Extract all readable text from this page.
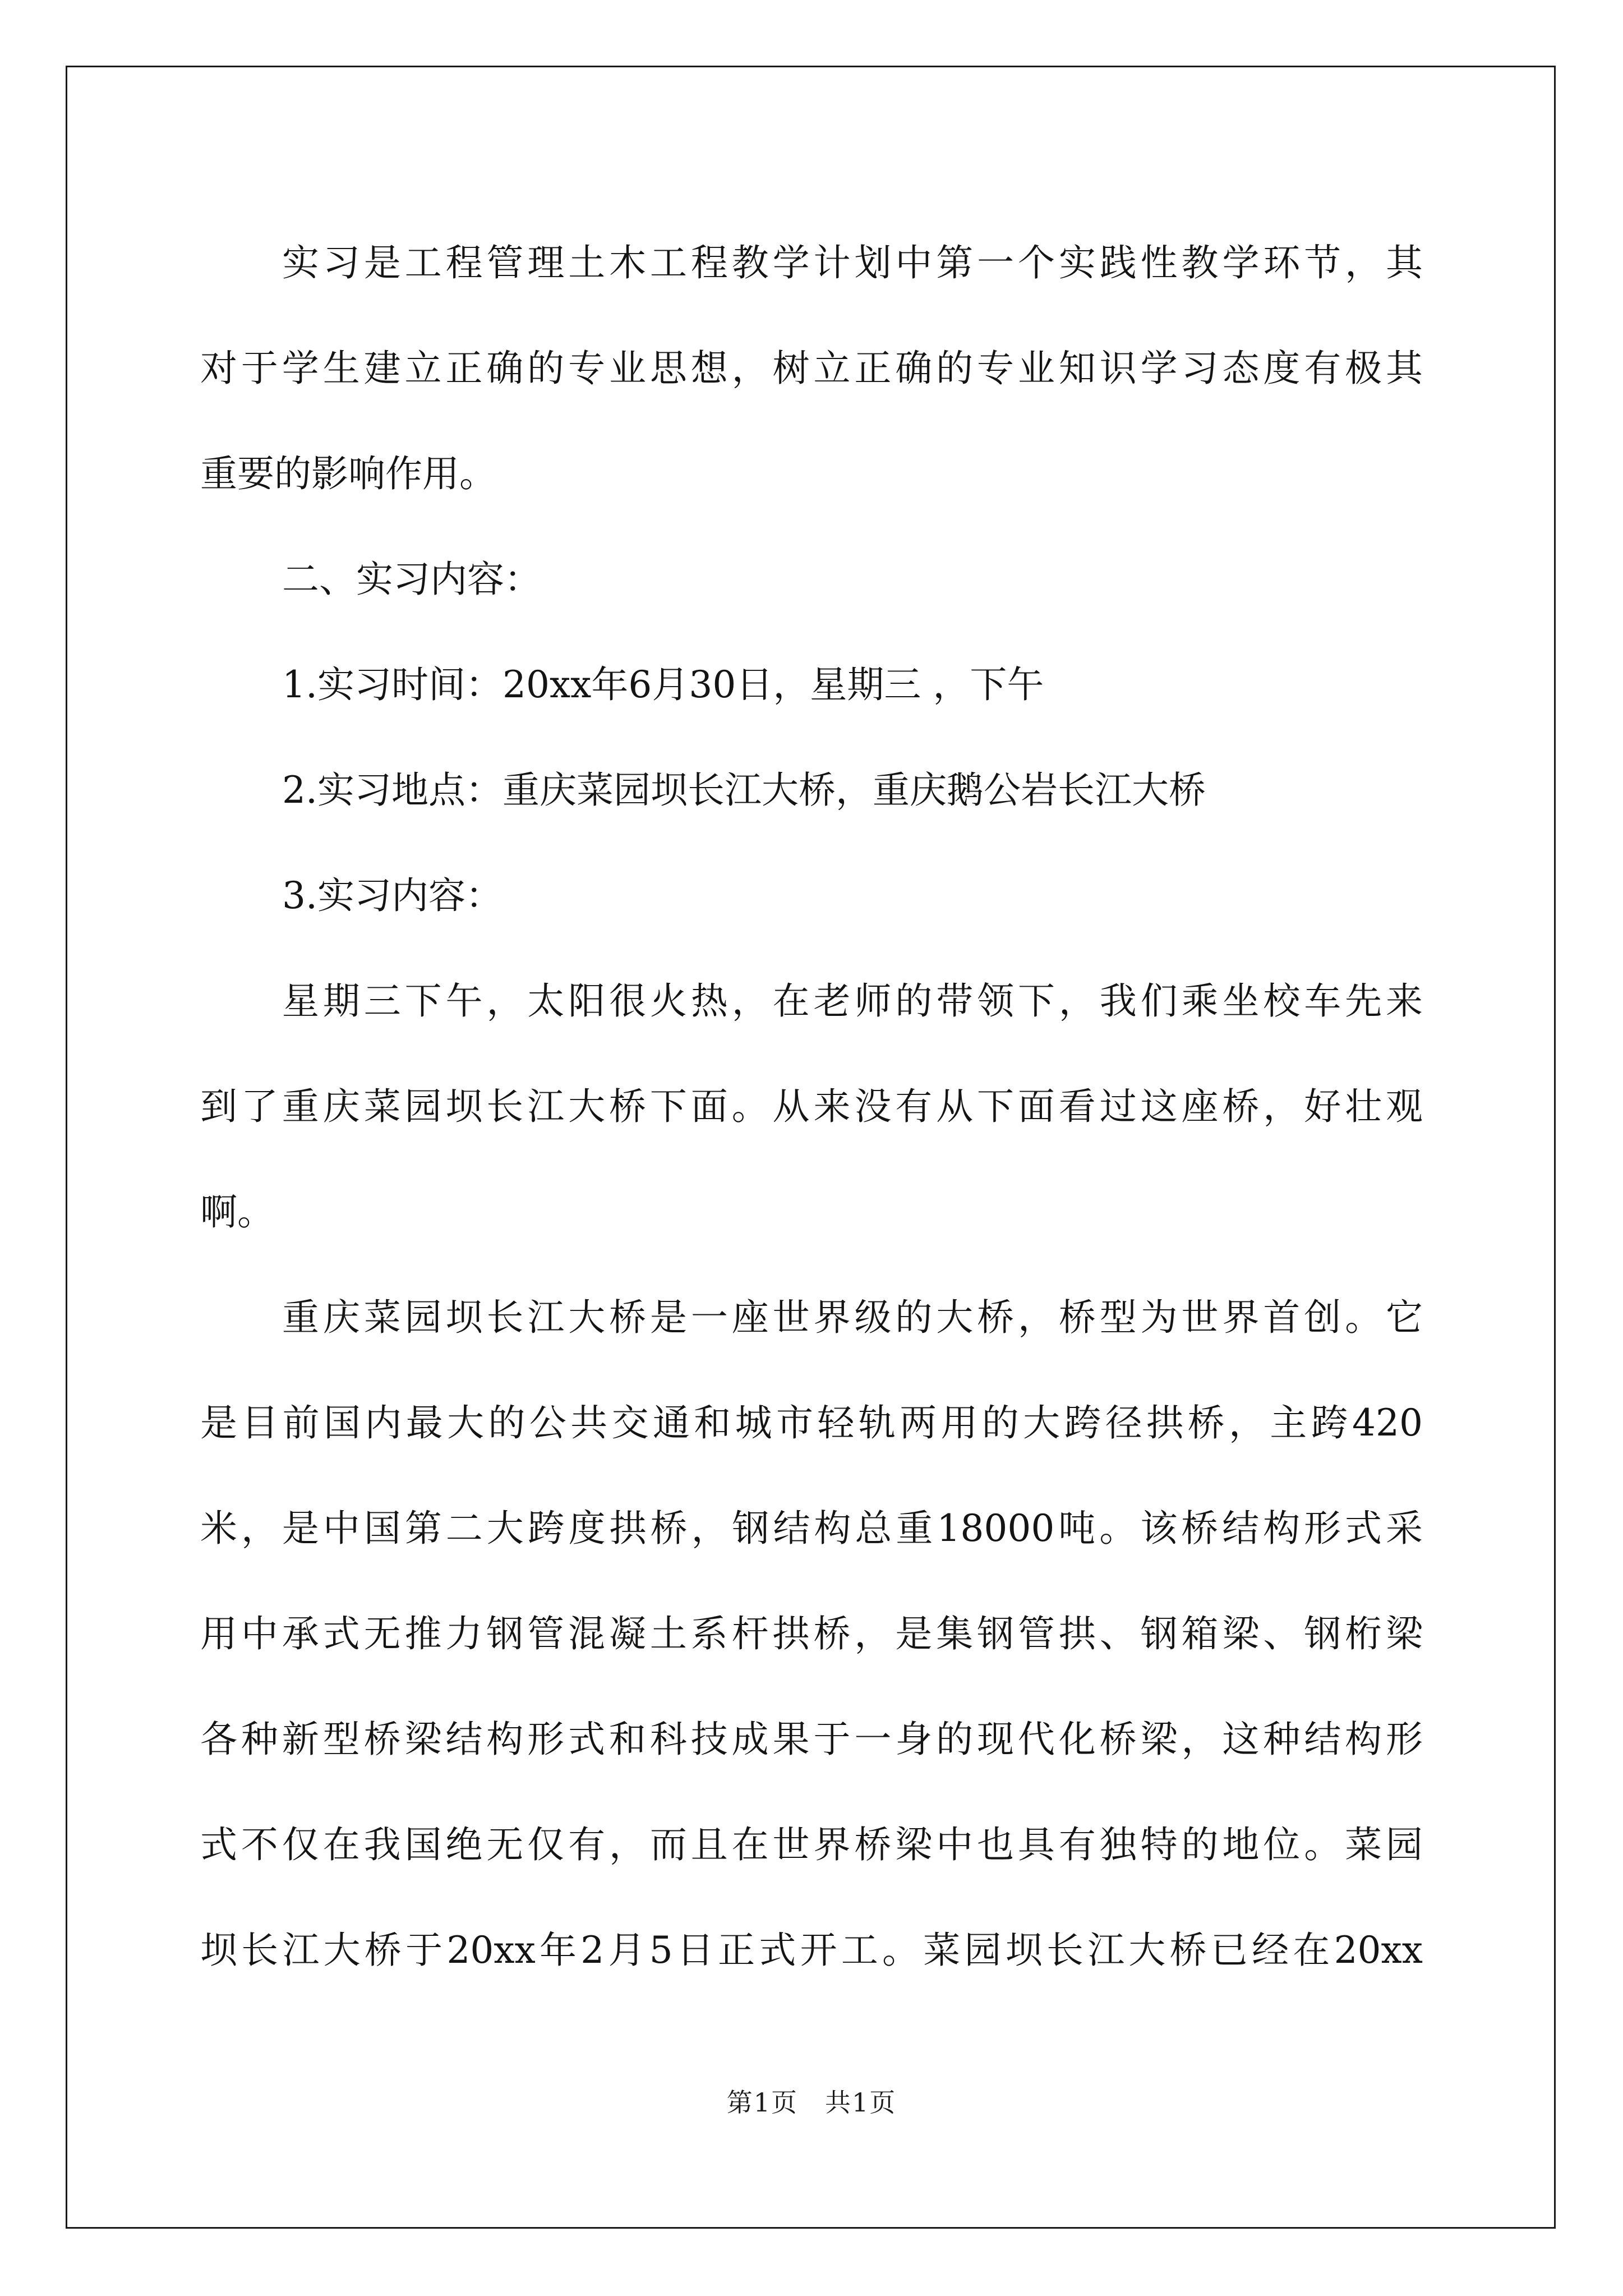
实习是工程管理土木工程教学计划中第一个实践性教学环节，其
对于学生建立正确的专业思想，树立正确的专业知识学习态度有极其
重要的影响作用。
二、实习内容：
1.实习时间：20xx年6月30日，星期三 ，下午
2.实习地点：重庆菜园坝长江大桥，重庆鹅公岩长江大桥
3.实习内容：
星期三下午，太阳很火热，在老师的带领下，我们乘坐校车先来
到了重庆菜园坝长江大桥下面。从来没有从下面看过这座桥，好壮观
啊。
重庆菜园坝长江大桥是一座世界级的大桥，桥型为世界首创。它
是目前国内最大的公共交通和城市轻轨两用的大跨径拱桥，主跨420
米，是中国第二大跨度拱桥，钢结构总重18000吨。该桥结构形式采
用中承式无推力钢管混凝土系杆拱桥，是集钢管拱、钢箱梁、钢桁梁
各种新型桥梁结构形式和科技成果于一身的现代化桥梁，这种结构形
式不仅在我国绝无仅有，而且在世界桥梁中也具有独特的地位。菜园
坝长江大桥于20xx年2月5日正式开工。菜园坝长江大桥已经在20xx
第1页　共1页
